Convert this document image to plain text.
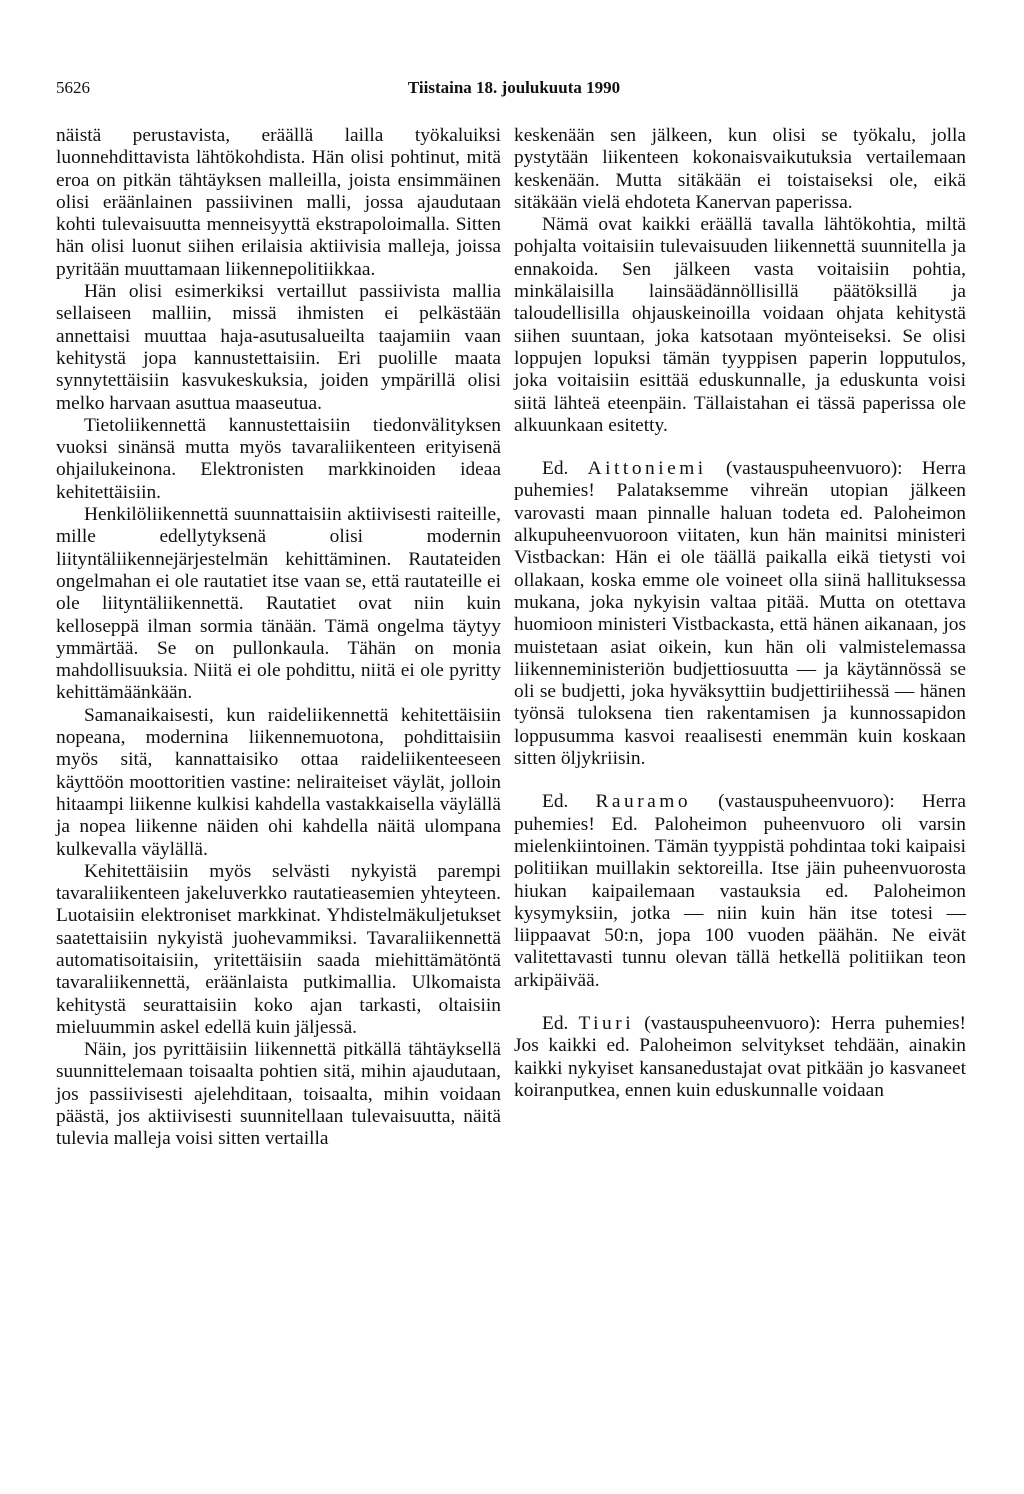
5626	Tiistaina 18. joulukuuta 1990

näistä perustavista, eräällä lailla työkaluiksi luonnehdittavista lähtökohdista. Hän olisi pohtinut, mitä eroa on pitkän tähtäyksen malleilla, joista ensimmäinen olisi eräänlainen passiivinen malli, jossa ajaudutaan kohti tulevaisuutta menneisyyttä ekstrapoloimalla. Sitten hän olisi luonut siihen erilaisia aktiivisia malleja, joissa pyritään muuttamaan liikennepolitiikkaa.

Hän olisi esimerkiksi vertaillut passiivista mallia sellaiseen malliin, missä ihmisten ei pelkästään annettaisi muuttaa haja-asutusalueilta taajamiin vaan kehitystä jopa kannustettaisiin. Eri puolille maata synnytettäisiin kasvukeskuksia, joiden ympärillä olisi melko harvaan asuttua maaseutua.

Tietoliikennettä kannustettaisiin tiedonvälityksen vuoksi sinänsä mutta myös tavaraliikenteen erityisenä ohjailukeinona. Elektronisten markkinoiden ideaa kehitettäisiin.

Henkilöliikennettä suunnattaisiin aktiivisesti raiteille, mille edellytyksenä olisi modernin liityntäliikennejärjestelmän kehittäminen. Rautateiden ongelmahan ei ole rautatiet itse vaan se, että rautateille ei ole liityntäliikennettä. Rautatiet ovat niin kuin kelloseppä ilman sormia tänään. Tämä ongelma täytyy ymmärtää. Se on pullonkaula. Tähän on monia mahdollisuuksia. Niitä ei ole pohdittu, niitä ei ole pyritty kehittämäänkään.

Samanaikaisesti, kun raideliikennettä kehitettäisiin nopeana, modernina liikennemuotona, pohdittaisiin myös sitä, kannattaisiko ottaa raideliikenteeseen käyttöön moottoritien vastine: neliraiteiset väylät, jolloin hitaampi liikenne kulkisi kahdella vastakkaisella väylällä ja nopea liikenne näiden ohi kahdella näitä ulompana kulkevalla väylällä.

Kehitettäisiin myös selvästi nykyistä parempi tavaraliikenteen jakeluverkko rautatieasemien yhteyteen. Luotaisiin elektroniset markkinat. Yhdistelmäkuljetukset saatettaisiin nykyistä juohevammiksi. Tavaraliikennettä automatisoitaisiin, yritettäisiin saada miehittämätöntä tavaraliikennettä, eräänlaista putkimallia. Ulkomaista kehitystä seurattaisiin koko ajan tarkasti, oltaisiin mieluummin askel edellä kuin jäljessä.

Näin, jos pyrittäisiin liikennettä pitkällä tähtäyksellä suunnittelemaan toisaalta pohtien sitä, mihin ajaudutaan, jos passiivisesti ajelehditaan, toisaalta, mihin voidaan päästä, jos aktiivisesti suunnitellaan tulevaisuutta, näitä tulevia malleja voisi sitten vertailla

keskenään sen jälkeen, kun olisi se työkalu, jolla pystytään liikenteen kokonaisvaikutuksia vertailemaan keskenään. Mutta sitäkään ei toistaiseksi ole, eikä sitäkään vielä ehdoteta Kanervan paperissa.

Nämä ovat kaikki eräällä tavalla lähtökohtia, miltä pohjalta voitaisiin tulevaisuuden liikennettä suunnitella ja ennakoida. Sen jälkeen vasta voitaisiin pohtia, minkälaisilla lainsäädännöllisillä päätöksillä ja taloudellisilla ohjauskeinoilla voidaan ohjata kehitystä siihen suuntaan, joka katsotaan myönteiseksi. Se olisi loppujen lopuksi tämän tyyppisen paperin lopputulos, joka voitaisiin esittää eduskunnalle, ja eduskunta voisi siitä lähteä eteenpäin. Tällaistahan ei tässä paperissa ole alkuunkaan esitetty.

Ed. Aittoniemi (vastauspuheenvuoro): Herra puhemies! Palataksemme vihreän utopian jälkeen varovasti maan pinnalle haluan todeta ed. Paloheimon alkupuheenvuoroon viitaten, kun hän mainitsi ministeri Vistbackan: Hän ei ole täällä paikalla eikä tietysti voi ollakaan, koska emme ole voineet olla siinä hallituksessa mukana, joka nykyisin valtaa pitää. Mutta on otettava huomioon ministeri Vistbackasta, että hänen aikanaan, jos muistetaan asiat oikein, kun hän oli valmistelemassa liikenneministeriön budjettiosuutta — ja käytännössä se oli se budjetti, joka hyväksyttiin budjettiriihessä — hänen työnsä tuloksena tien rakentamisen ja kunnossapidon loppusumma kasvoi reaalisesti enemmän kuin koskaan sitten öljykriisin.

Ed. Rauramo (vastauspuheenvuoro): Herra puhemies! Ed. Paloheimon puheenvuoro oli varsin mielenkiintoinen. Tämän tyyppistä pohdintaa toki kaipaisi politiikan muillakin sektoreilla. Itse jäin puheenvuorosta hiukan kaipailemaan vastauksia ed. Paloheimon kysymyksiin, jotka — niin kuin hän itse totesi — liippaavat 50:n, jopa 100 vuoden päähän. Ne eivät valitettavasti tunnu olevan tällä hetkellä politiikan teon arkipäivää.

Ed. Tiuri (vastauspuheenvuoro): Herra puhemies! Jos kaikki ed. Paloheimon selvitykset tehdään, ainakin kaikki nykyiset kansanedustajat ovat pitkään jo kasvaneet koiranputkea, ennen kuin eduskunnalle voidaan
